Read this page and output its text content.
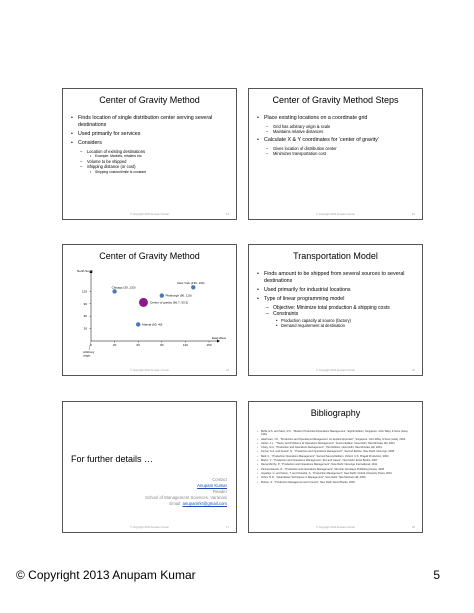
Center of Gravity Method
• Finds location of single distribution center serving several destinations
• Used primarily for services
• Considers
– Location of existing destinations
• Example: Markets, retailers etc.
– Volume to be shipped
– Shipping distance (or cost)
• Shipping cost/unit/mile is constant
© Copyright 2013 Anupam Kumar	13
Center of Gravity Method Steps
• Place existing locations on a coordinate grid
– Grid has arbitrary origin & scale
– Maintains relative distances
• Calculate X & Y coordinates for ‘center of gravity’
– Gives location of distribution center
– Minimizes transportation cost
© Copyright 2013 Anupam Kumar	14
Center of Gravity Method
0	30	60	90	120	150
30
60
90
120
North-South
East-West
Arbitrary
origin
Chicago (30, 120)
New York (130, 130)
Pittsburgh (90, 110)
Center of gravity (66.7, 93.3)
Atlanta (60, 40)
© Copyright 2013 Anupam Kumar	15
Transportation Model
• Finds amount to be shipped from several sources to several destinations
• Used primarily for industrial locations
• Type of linear programming model
– Objective: Minimize total production & shipping costs
– Constraints
• Production capacity at source (factory)
• Demand requirement at destination
© Copyright 2013 Anupam Kumar	16
For further details …
Contact
Anupam Kumar
Reader
School of Management Sciences, Varanasi
Email: anupamrkr@gmail.com
© Copyright 2013 Anupam Kumar	17
Bibliography
• Buffa, E.S. and Sarin, R.K., "Modern Production/Operations Management", Eighth Edition, Singapore: John Wiley & Sons (Asia), 1994.
• Hashmani, J.K., "Production and Operations Management: An Applied Approach", Singapore: John Wiley & Sons (Asia), 2004.
• Heizer, J.L., "Theory and Problems of Operations Management", Second Edition, New Delhi: Tata McGraw Hill, 2004.
• Chary, S.N., "Production and Operations Management", Third Edition, New Delhi: Tata McGraw Hill, 2004.
• Kumar, S.A. and Suresh, N., "Production and Operations Management", Second Edition, New Delhi: New Age, 2008.
• Bedi, K., "Production Operations Management", Second Second Edition, Oxford, U.K: Pragati Production, 2004.
• Martin, V., "Production and Operations Management: Text and Cases", New Delhi: Excel Books, 2007.
• Rama Murthy, P., "Production and Operations Management", New Delhi: New Age International, 2011.
• Panneerselvam, R., "Production and Operations Management", Mumbai: Himalaya Publishing House, 2006.
• Jayadevi, G. and Soren, T. and Chandra, S., "Production Management", New Delhi: Oxford University Press, 2010.
• Vohra, N.D., "Quantitative Techniques in Management", New Delhi: Tata McGraw Hill, 2009.
• Mohan, S., "Production Management and Control", New Delhi: Excel Books, 2009.
© Copyright 2013 Anupam Kumar	18
© Copyright 2013 Anupam Kumar	5
